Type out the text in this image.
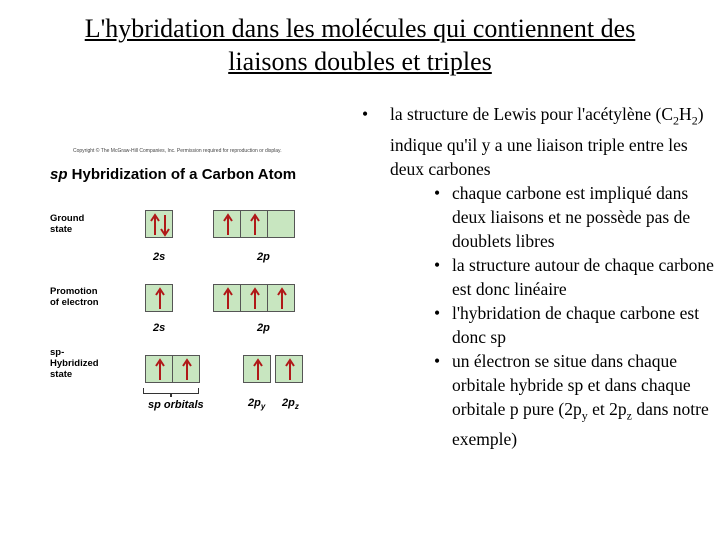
L'hybridation dans les molécules qui contiennent des
liaisons doubles et triples
Copyright © The McGraw-Hill Companies, Inc. Permission required for reproduction or display.
sp Hybridization of a Carbon Atom
Ground
state
2s	2p
Promotion
of electron
2s	2p
sp-
Hybridized
state
sp orbitals	$2p_y$ $2p_z$
• la structure de Lewis pour l'acétylène $(C_2H_2)$ indique qu'il y a une liaison triple entre les deux carbones
• chaque carbone est impliqué dans deux liaisons et ne possède pas de doublets libres
• la structure autour de chaque carbone est donc linéaire
• l'hybridation de chaque carbone est donc sp
• un électron se situe dans chaque orbitale hybride sp et dans chaque orbitale p pure ($2p_y$ et $2p_z$ dans notre exemple)
